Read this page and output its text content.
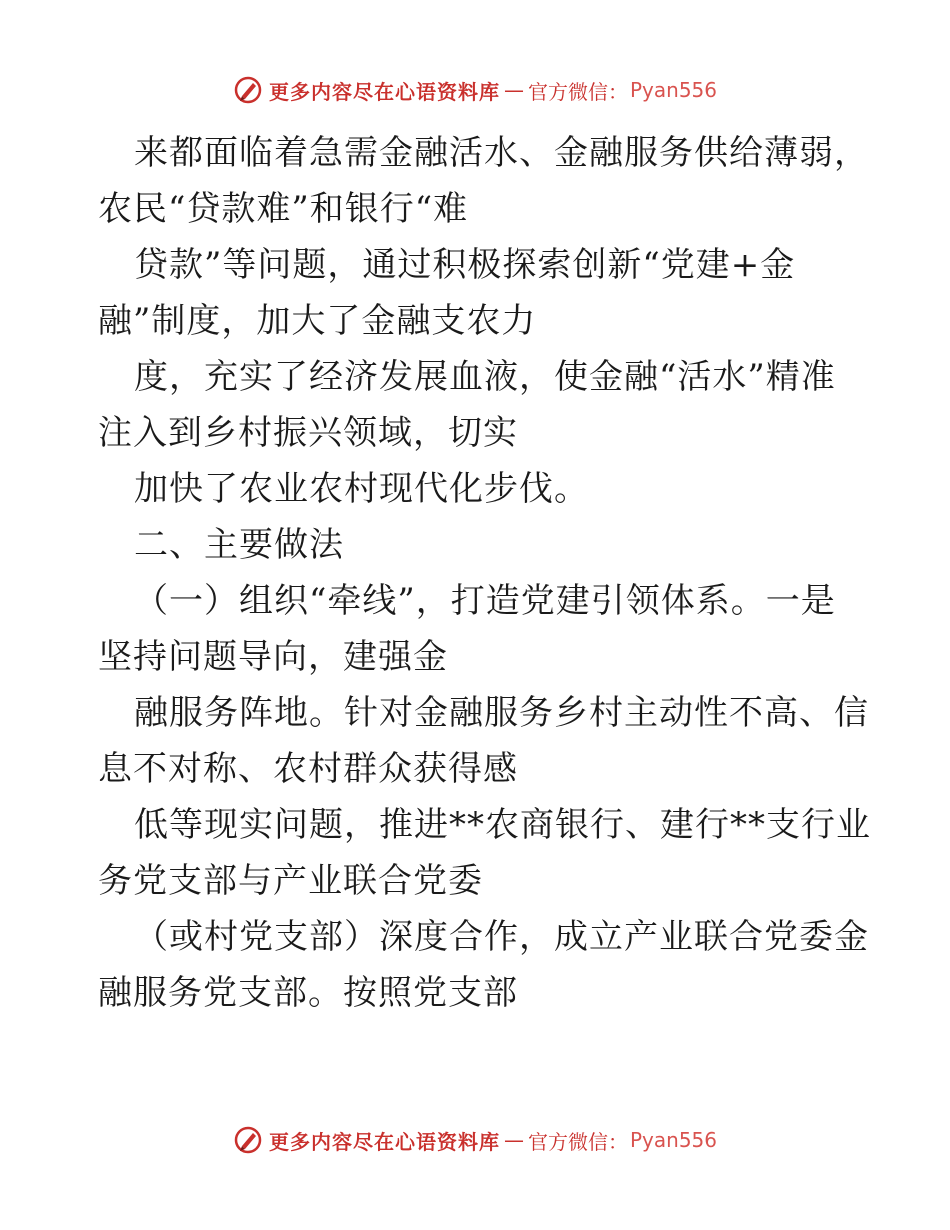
更多内容尽在心语资料库 — 官方微信： Pyan556
来都面临着急需金融活水、金融服务供给薄弱，
农民“贷款难”和银行“难
贷款”等问题，通过积极探索创新“党建+金
融”制度，加大了金融支农力
度，充实了经济发展血液，使金融“活水”精准
注入到乡村振兴领域，切实
加快了农业农村现代化步伐。
二、主要做法
（一）组织“牵线”，打造党建引领体系。一是
坚持问题导向，建强金
融服务阵地。针对金融服务乡村主动性不高、信
息不对称、农村群众获得感
低等现实问题，推进**农商银行、建行**支行业
务党支部与产业联合党委
（或村党支部）深度合作，成立产业联合党委金
融服务党支部。按照党支部
更多内容尽在心语资料库 — 官方微信： Pyan556
